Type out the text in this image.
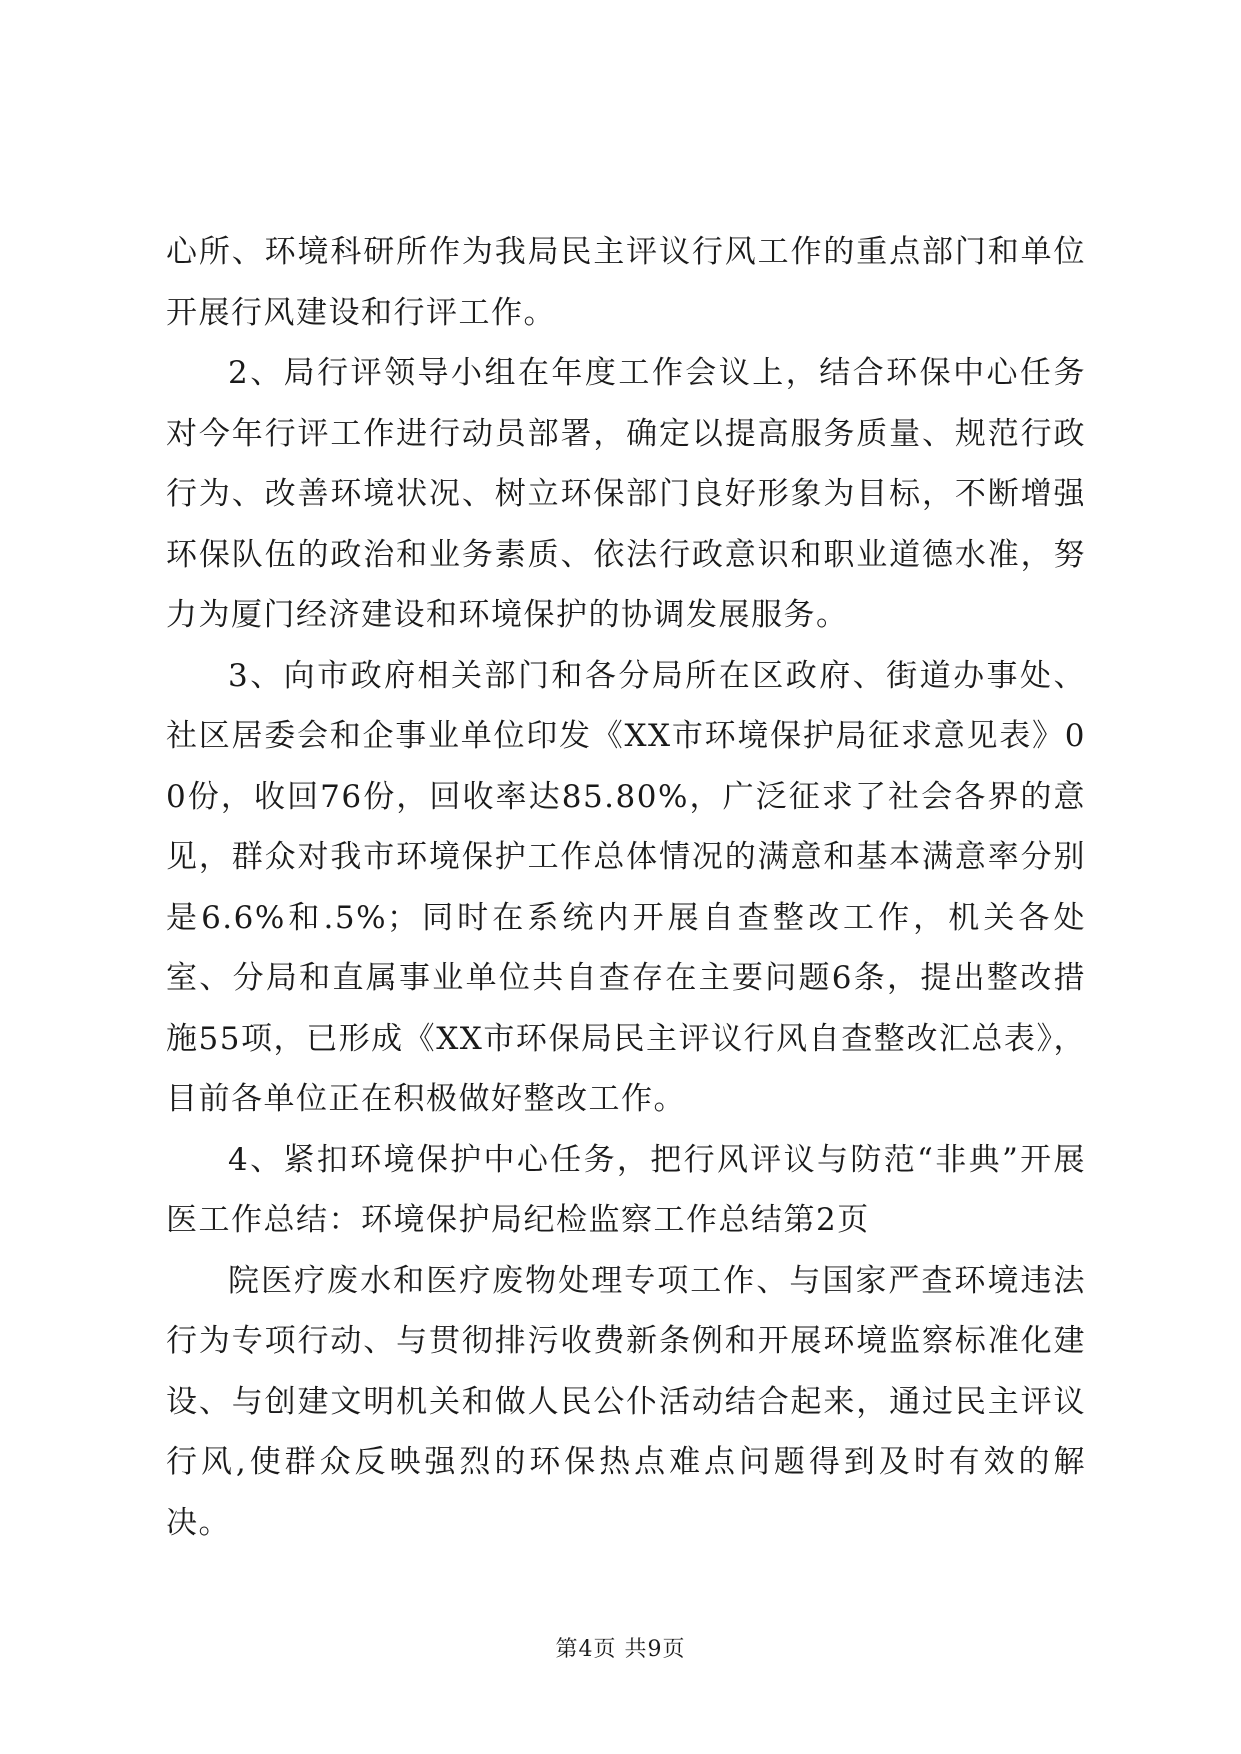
心所、环境科研所作为我局民主评议行风工作的重点部门和单位开展行风建设和行评工作。

2、局行评领导小组在年度工作会议上，结合环保中心任务对今年行评工作进行动员部署，确定以提高服务质量、规范行政行为、改善环境状况、树立环保部门良好形象为目标，不断增强环保队伍的政治和业务素质、依法行政意识和职业道德水准，努力为厦门经济建设和环境保护的协调发展服务。

3、向市政府相关部门和各分局所在区政府、街道办事处、社区居委会和企事业单位印发《XX市环境保护局征求意见表》00份，收回76份，回收率达85.80%，广泛征求了社会各界的意见，群众对我市环境保护工作总体情况的满意和基本满意率分别是6.6%和.5%；同时在系统内开展自查整改工作，机关各处室、分局和直属事业单位共自查存在主要问题6条，提出整改措施55项，已形成《XX市环保局民主评议行风自查整改汇总表》，目前各单位正在积极做好整改工作。

4、紧扣环境保护中心任务，把行风评议与防范“非典”开展医工作总结：环境保护局纪检监察工作总结第2页

院医疗废水和医疗废物处理专项工作、与国家严查环境违法行为专项行动、与贯彻排污收费新条例和开展环境监察标准化建设、与创建文明机关和做人民公仆活动结合起来，通过民主评议行风,使群众反映强烈的环保热点难点问题得到及时有效的解决。

第4页 共9页
